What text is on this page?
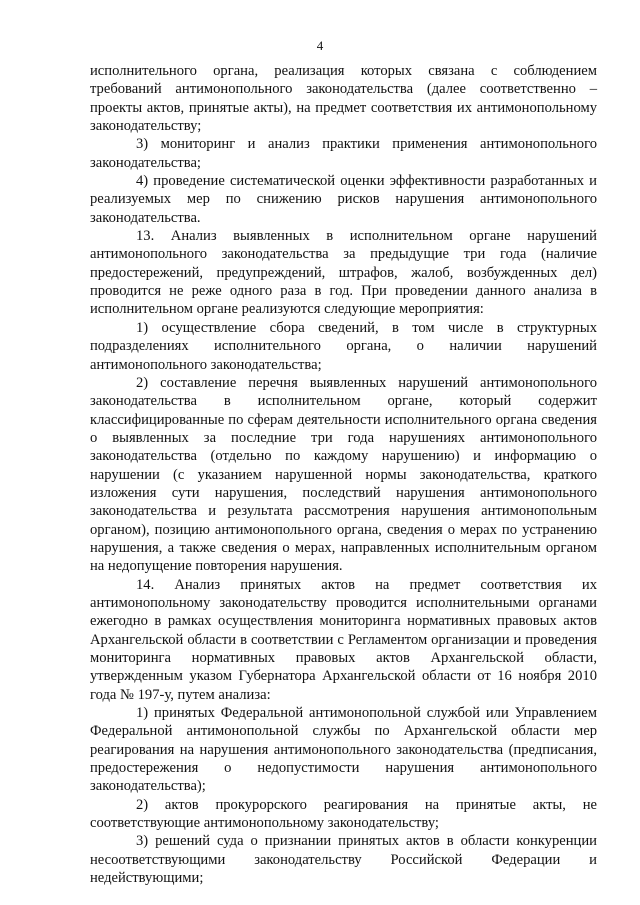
4

исполнительного органа, реализация которых связана с соблюдением требований антимонопольного законодательства (далее соответственно – проекты актов, принятые акты), на предмет соответствия их антимонопольному законодательству;

3) мониторинг и анализ практики применения антимонопольного законодательства;

4) проведение систематической оценки эффективности разработанных и реализуемых мер по снижению рисков нарушения антимонопольного законодательства.

13. Анализ выявленных в исполнительном органе нарушений антимонопольного законодательства за предыдущие три года (наличие предостережений, предупреждений, штрафов, жалоб, возбужденных дел) проводится не реже одного раза в год. При проведении данного анализа в исполнительном органе реализуются следующие мероприятия:

1) осуществление сбора сведений, в том числе в структурных подразделениях исполнительного органа, о наличии нарушений антимонопольного законодательства;

2) составление перечня выявленных нарушений антимонопольного законодательства в исполнительном органе, который содержит классифицированные по сферам деятельности исполнительного органа сведения о выявленных за последние три года нарушениях антимонопольного законодательства (отдельно по каждому нарушению) и информацию о нарушении (с указанием нарушенной нормы законодательства, краткого изложения сути нарушения, последствий нарушения антимонопольного законодательства и результата рассмотрения нарушения антимонопольным органом), позицию антимонопольного органа, сведения о мерах по устранению нарушения, а также сведения о мерах, направленных исполнительным органом на недопущение повторения нарушения.

14. Анализ принятых актов на предмет соответствия их антимонопольному законодательству проводится исполнительными органами ежегодно в рамках осуществления мониторинга нормативных правовых актов Архангельской области в соответствии с Регламентом организации и проведения мониторинга нормативных правовых актов Архангельской области, утвержденным указом Губернатора Архангельской области от 16 ноября 2010 года № 197-у, путем анализа:

1) принятых Федеральной антимонопольной службой или Управлением Федеральной антимонопольной службы по Архангельской области мер реагирования на нарушения антимонопольного законодательства (предписания, предостережения о недопустимости нарушения антимонопольного законодательства);

2) актов прокурорского реагирования на принятые акты, не соответствующие антимонопольному законодательству;

3) решений суда о признании принятых актов в области конкуренции несоответствующими законодательству Российской Федерации и недействующими;
